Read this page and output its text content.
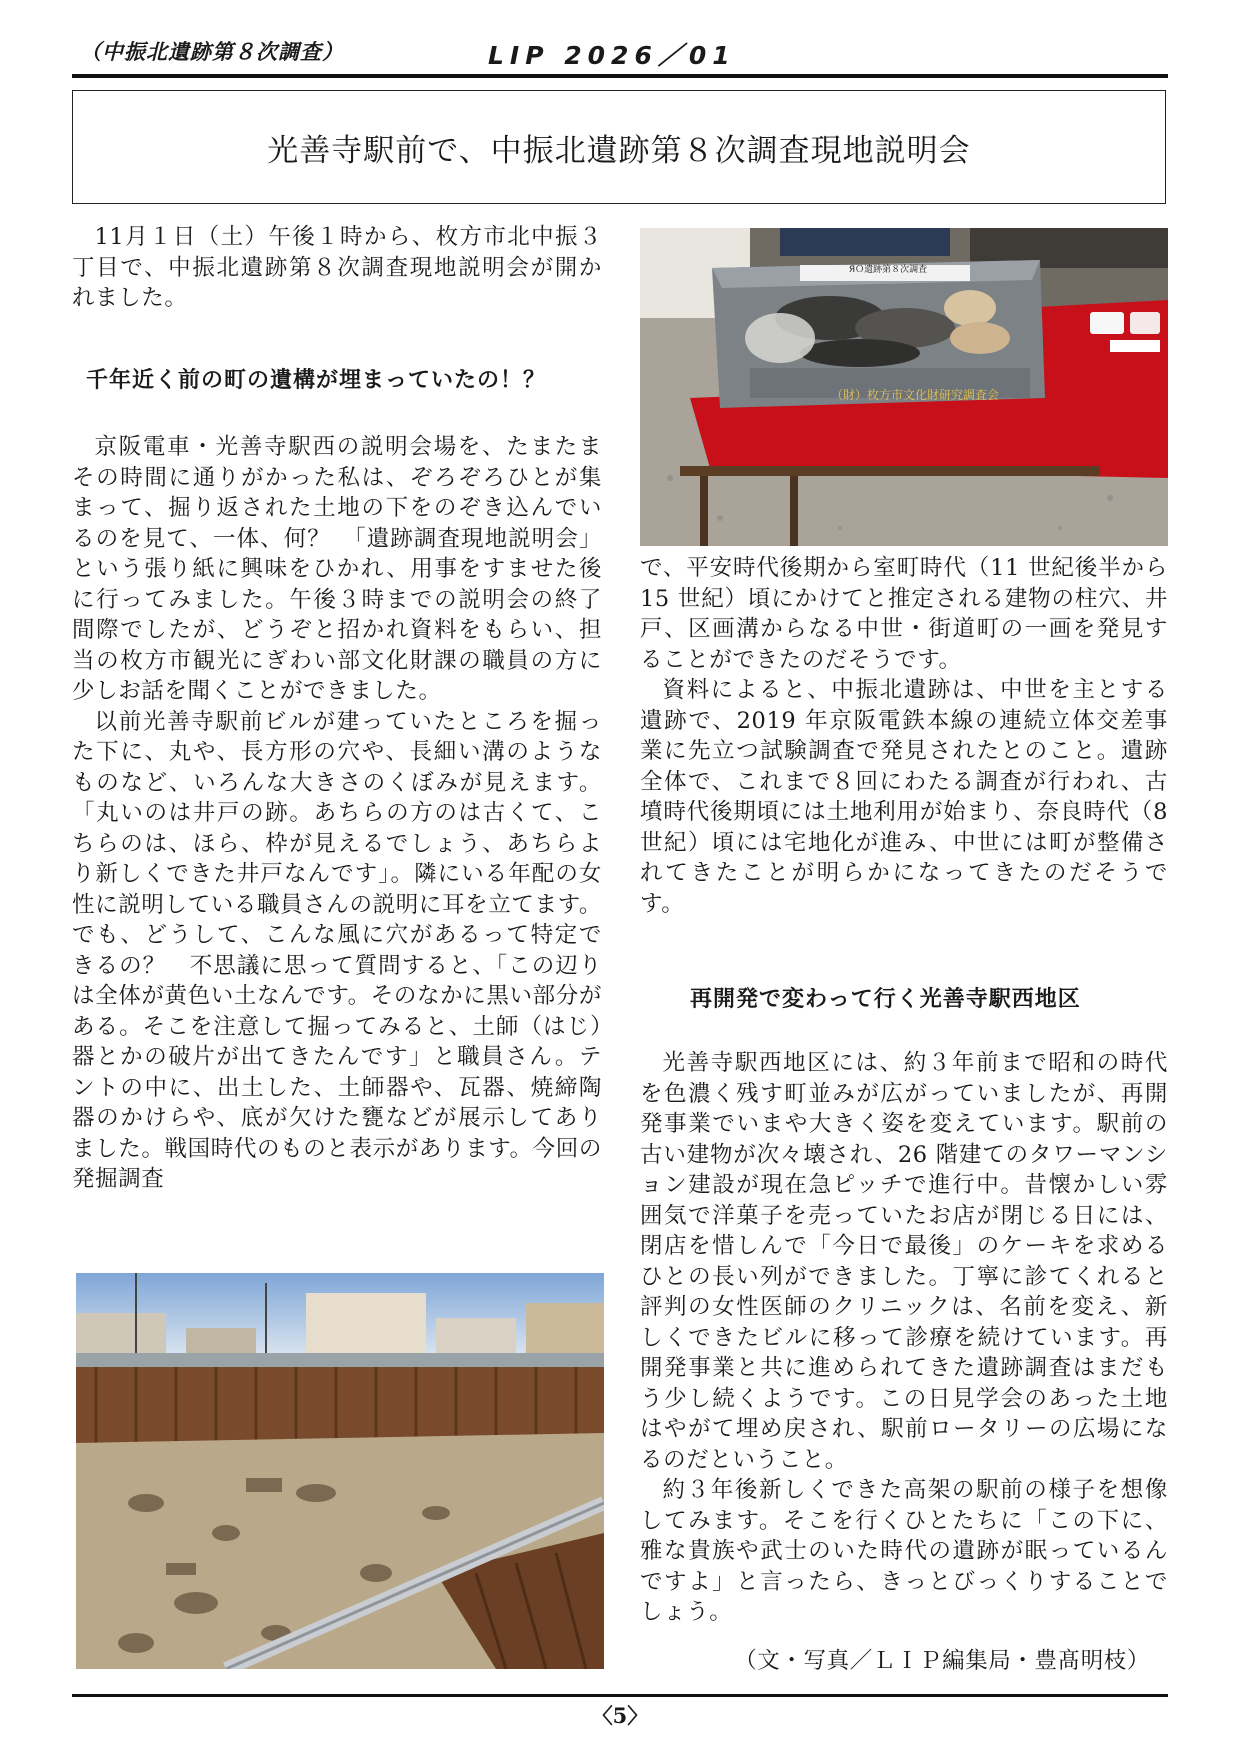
（中振北遺跡第８次調査）	LIP 2026／01
光善寺駅前で、中振北遺跡第８次調査現地説明会

11月１日（土）午後１時から、枚方市北中振３丁目で、中振北遺跡第８次調査現地説明会が開かれました。

千年近く前の町の遺構が埋まっていたの！？

京阪電車・光善寺駅西の説明会場を、たまたまその時間に通りがかった私は、ぞろぞろひとが集まって、掘り返された土地の下をのぞき込んでいるのを見て、一体、何？　「遺跡調査現地説明会」という張り紙に興味をひかれ、用事をすませた後に行ってみました。午後３時までの説明会の終了間際でしたが、どうぞと招かれ資料をもらい、担当の枚方市観光にぎわい部文化財課の職員の方に少しお話を聞くことができました。

以前光善寺駅前ビルが建っていたところを掘った下に、丸や、長方形の穴や、長細い溝のようなものなど、いろんな大きさのくぼみが見えます。「丸いのは井戸の跡。あちらの方のは古くて、こちらのは、ほら、枠が見えるでしょう、あちらより新しくできた井戸なんです」。隣にいる年配の女性に説明している職員さんの説明に耳を立てます。でも、どうして、こんな風に穴があるって特定できるの？　不思議に思って質問すると、「この辺りは全体が黄色い土なんです。そのなかに黒い部分がある。そこを注意して掘ってみると、土師（はじ）器とかの破片が出てきたんです」と職員さん。テントの中に、出土した、土師器や、瓦器、焼締陶器のかけらや、底が欠けた甕などが展示してありました。戦国時代のものと表示があります。今回の発掘調査

ЯＯ遺跡第８次調査
（財）枚方市文化財研究調査会

で、平安時代後期から室町時代（11 世紀後半から 15 世紀）頃にかけてと推定される建物の柱穴、井戸、区画溝からなる中世・街道町の一画を発見することができたのだそうです。

資料によると、中振北遺跡は、中世を主とする遺跡で、2019 年京阪電鉄本線の連続立体交差事業に先立つ試験調査で発見されたとのこと。遺跡全体で、これまで８回にわたる調査が行われ、古墳時代後期頃には土地利用が始まり、奈良時代（8 世紀）頃には宅地化が進み、中世には町が整備されてきたことが明らかになってきたのだそうです。

再開発で変わって行く光善寺駅西地区

光善寺駅西地区には、約３年前まで昭和の時代を色濃く残す町並みが広がっていましたが、再開発事業でいまや大きく姿を変えています。駅前の古い建物が次々壊され、26 階建てのタワーマンション建設が現在急ピッチで進行中。昔懐かしい雰囲気で洋菓子を売っていたお店が閉じる日には、閉店を惜しんで「今日で最後」のケーキを求めるひとの長い列ができました。丁寧に診てくれると評判の女性医師のクリニックは、名前を変え、新しくできたビルに移って診療を続けています。再開発事業と共に進められてきた遺跡調査はまだもう少し続くようです。この日見学会のあった土地はやがて埋め戻され、駅前ロータリーの広場になるのだということ。

約３年後新しくできた高架の駅前の様子を想像してみます。そこを行くひとたちに「この下に、雅な貴族や武士のいた時代の遺跡が眠っているんですよ」と言ったら、きっとびっくりすることでしょう。

（文・写真／ＬＩＰ編集局・豊髙明枝）
〈5〉
